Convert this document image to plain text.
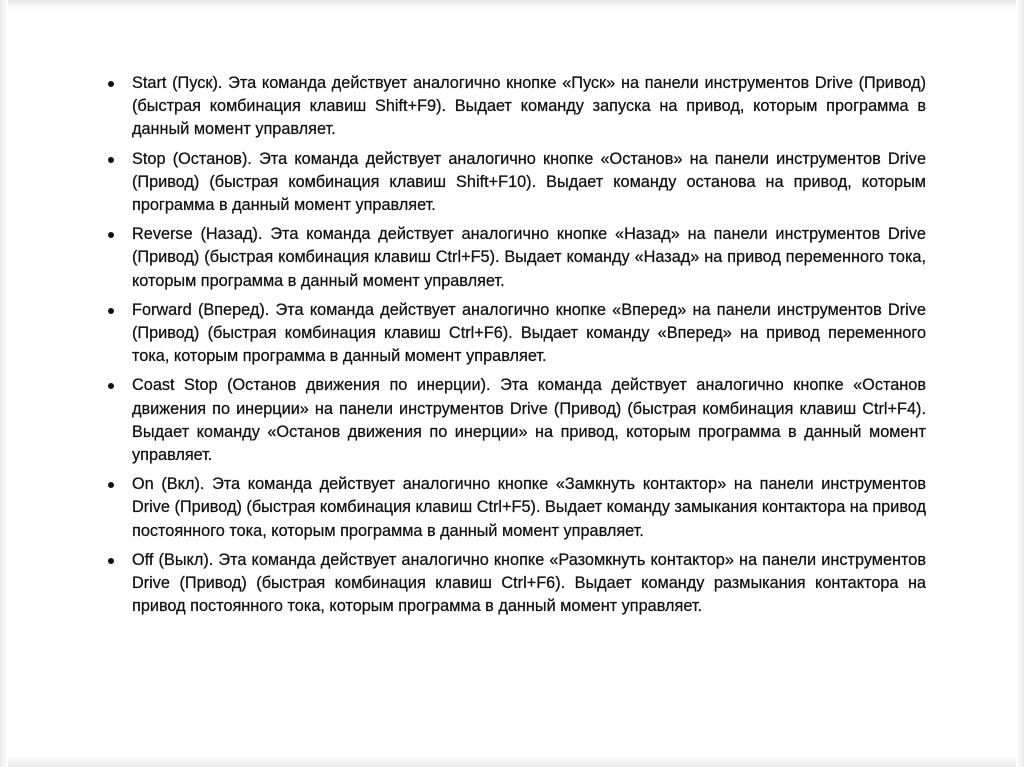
Start (Пуск). Эта команда действует аналогично кнопке «Пуск» на панели инструментов Drive (Привод) (быстрая комбинация клавиш Shift+F9). Выдает команду запуска на привод, которым программа в данный момент управляет.
Stop (Останов). Эта команда действует аналогично кнопке «Останов» на панели инструментов Drive (Привод) (быстрая комбинация клавиш Shift+F10). Выдает команду останова на привод, которым программа в данный момент управляет.
Reverse (Назад). Эта команда действует аналогично кнопке «Назад» на панели инструментов Drive (Привод) (быстрая комбинация клавиш Ctrl+F5). Выдает команду «Назад» на привод переменного тока, которым программа в данный момент управляет.
Forward (Вперед). Эта команда действует аналогично кнопке «Вперед» на панели инструментов Drive (Привод) (быстрая комбинация клавиш Ctrl+F6). Выдает команду «Вперед» на привод переменного тока, которым программа в данный момент управляет.
Coast Stop (Останов движения по инерции). Эта команда действует аналогично кнопке «Останов движения по инерции» на панели инструментов Drive (Привод) (быстрая комбинация клавиш Ctrl+F4). Выдает команду «Останов движения по инерции» на привод, которым программа в данный момент управляет.
On (Вкл). Эта команда действует аналогично кнопке «Замкнуть контактор» на панели инструментов Drive (Привод) (быстрая комбинация клавиш Ctrl+F5). Выдает команду замыкания контактора на привод постоянного тока, которым программа в данный момент управляет.
Off (Выкл). Эта команда действует аналогично кнопке «Разомкнуть контактор» на панели инструментов Drive (Привод) (быстрая комбинация клавиш Ctrl+F6). Выдает команду размыкания контактора на привод постоянного тока, которым программа в данный момент управляет.
